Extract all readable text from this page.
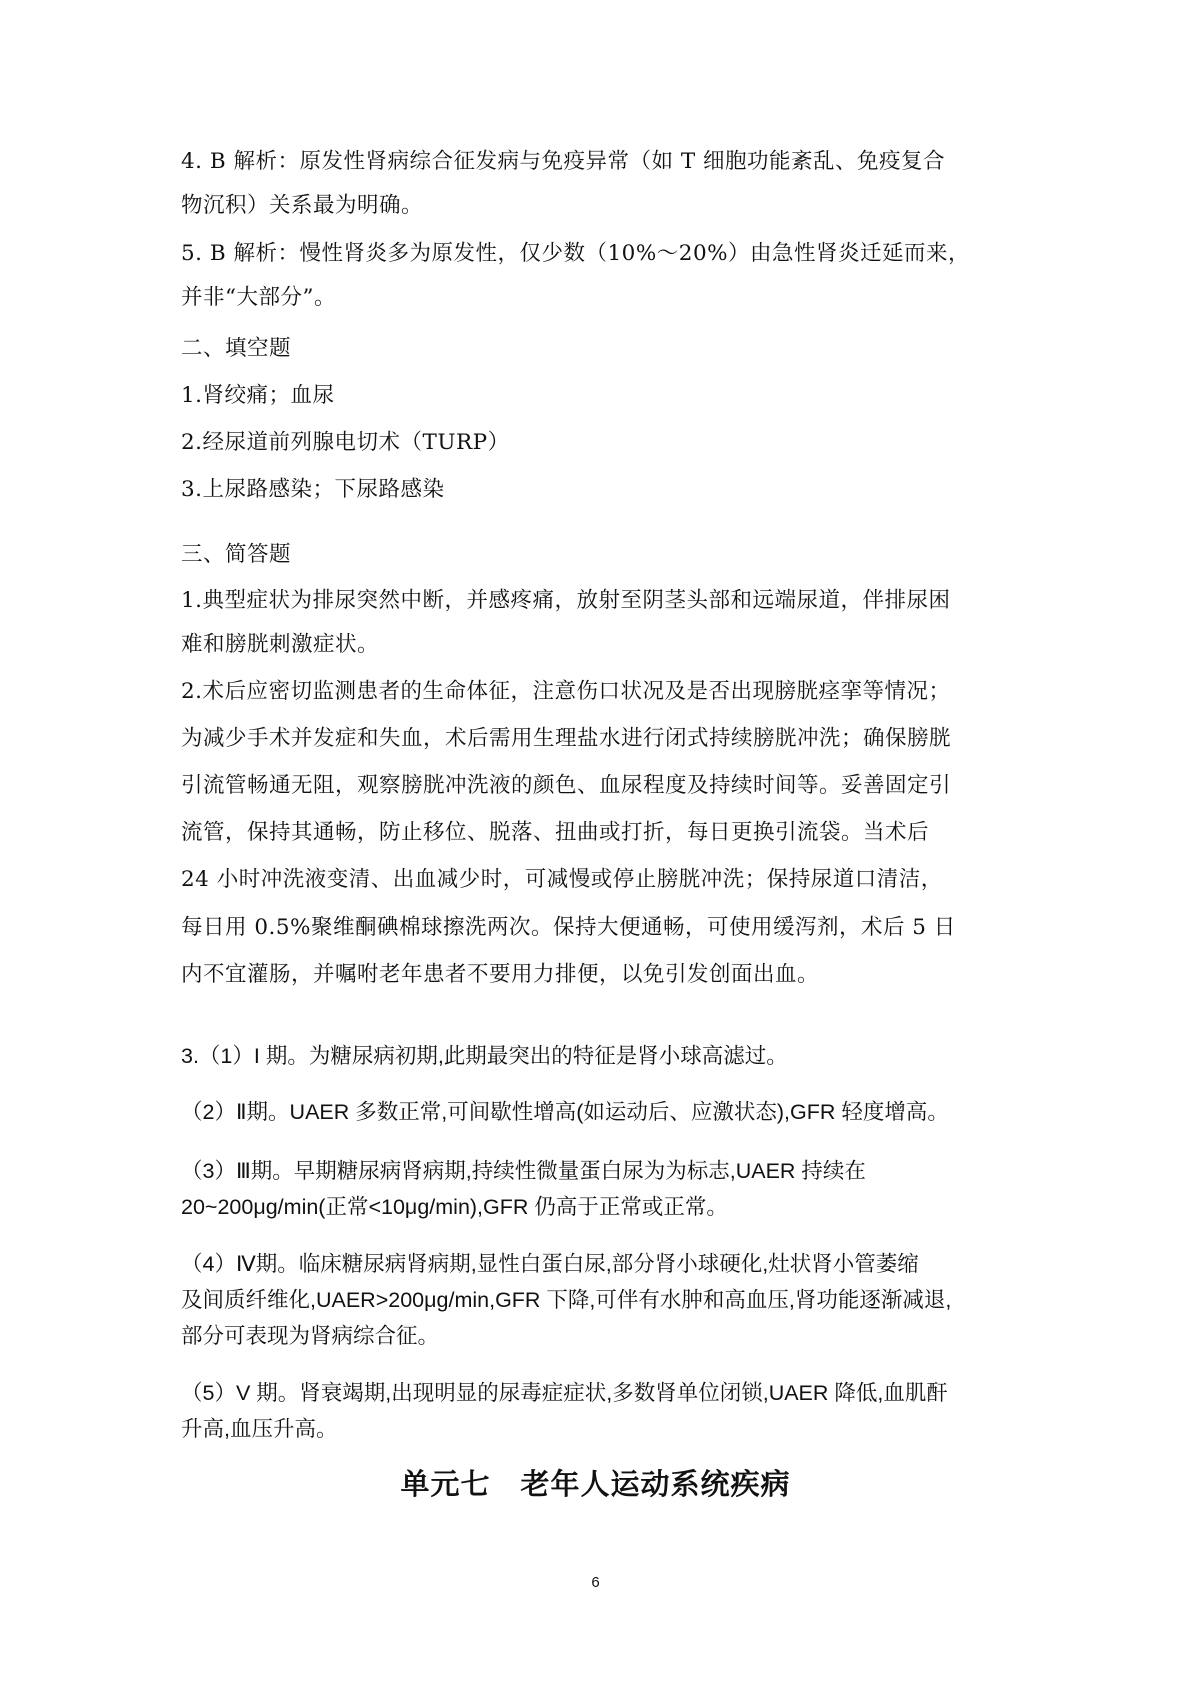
4. B 解析：原发性肾病综合征发病与免疫异常（如 T 细胞功能紊乱、免疫复合
物沉积）关系最为明确。
5. B 解析：慢性肾炎多为原发性，仅少数（10%～20%）由急性肾炎迁延而来，
并非“大部分”。
二、填空题
1.肾绞痛；血尿
2.经尿道前列腺电切术（TURP）
3.上尿路感染；下尿路感染
三、简答题
1.典型症状为排尿突然中断，并感疼痛，放射至阴茎头部和远端尿道，伴排尿困
难和膀胱刺激症状。
2.术后应密切监测患者的生命体征，注意伤口状况及是否出现膀胱痉挛等情况；
为减少手术并发症和失血，术后需用生理盐水进行闭式持续膀胱冲洗；确保膀胱
引流管畅通无阻，观察膀胱冲洗液的颜色、血尿程度及持续时间等。妥善固定引
流管，保持其通畅，防止移位、脱落、扭曲或打折，每日更换引流袋。当术后
24 小时冲洗液变清、出血减少时，可减慢或停止膀胱冲洗；保持尿道口清洁，
每日用 0.5%聚维酮碘棉球擦洗两次。保持大便通畅，可使用缓泻剂，术后 5 日
内不宜灌肠，并嘱咐老年患者不要用力排便，以免引发创面出血。
3.（1）I 期。为糖尿病初期,此期最突出的特征是肾小球高滤过。
（2）Ⅱ期。UAER 多数正常,可间歇性增高(如运动后、应激状态),GFR 轻度增高。
（3）Ⅲ期。早期糖尿病肾病期,持续性微量蛋白尿为为标志,UAER 持续在
20~200μg/min(正常<10μg/min),GFR 仍高于正常或正常。
（4）Ⅳ期。临床糖尿病肾病期,显性白蛋白尿,部分肾小球硬化,灶状肾小管萎缩
及间质纤维化,UAER>200μg/min,GFR 下降,可伴有水肿和高血压,肾功能逐渐减退,
部分可表现为肾病综合征。
（5）V 期。肾衰竭期,出现明显的尿毒症症状,多数肾单位闭锁,UAER 降低,血肌酐
升高,血压升高。
单元七　老年人运动系统疾病
6
